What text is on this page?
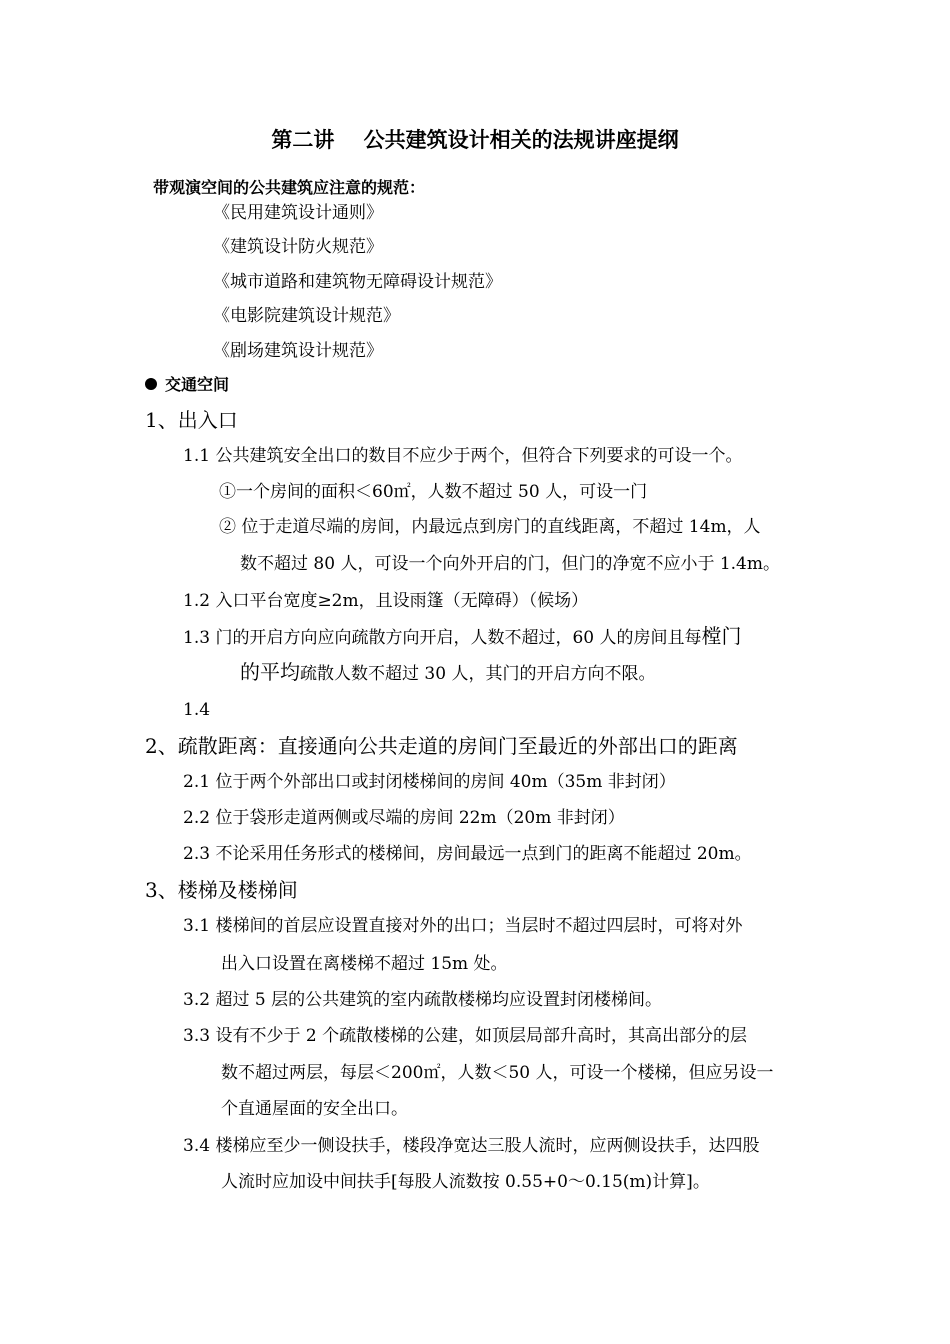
第二讲    公共建筑设计相关的法规讲座提纲
带观演空间的公共建筑应注意的规范：
《民用建筑设计通则》
《建筑设计防火规范》
《城市道路和建筑物无障碍设计规范》
《电影院建筑设计规范》
《剧场建筑设计规范》
交通空间
1、出入口
1.1 公共建筑安全出口的数目不应少于两个，但符合下列要求的可设一个。
①一个房间的面积＜60㎡，人数不超过 50 人，可设一门
② 位于走道尽端的房间，内最远点到房门的直线距离，不超过 14m，人
数不超过 80 人，可设一个向外开启的门，但门的净宽不应小于 1.4m。
1.2 入口平台宽度≥2m，且设雨篷（无障碍）（候场）
1.3 门的开启方向应向疏散方向开启，人数不超过，60 人的房间且每樘门
的平均疏散人数不超过 30 人，其门的开启方向不限。
1.4
2、疏散距离：直接通向公共走道的房间门至最近的外部出口的距离
2.1 位于两个外部出口或封闭楼梯间的房间 40m（35m 非封闭）
2.2 位于袋形走道两侧或尽端的房间 22m（20m 非封闭）
2.3 不论采用任务形式的楼梯间，房间最远一点到门的距离不能超过 20m。
3、楼梯及楼梯间
3.1 楼梯间的首层应设置直接对外的出口；当层时不超过四层时，可将对外
出入口设置在离楼梯不超过 15m 处。
3.2 超过 5 层的公共建筑的室内疏散楼梯均应设置封闭楼梯间。
3.3 设有不少于 2 个疏散楼梯的公建，如顶层局部升高时，其高出部分的层
数不超过两层，每层＜200㎡，人数＜50 人，可设一个楼梯，但应另设一
个直通屋面的安全出口。
3.4 楼梯应至少一侧设扶手，楼段净宽达三股人流时，应两侧设扶手，达四股
人流时应加设中间扶手[每股人流数按 0.55+0～0.15(m)计算]。
